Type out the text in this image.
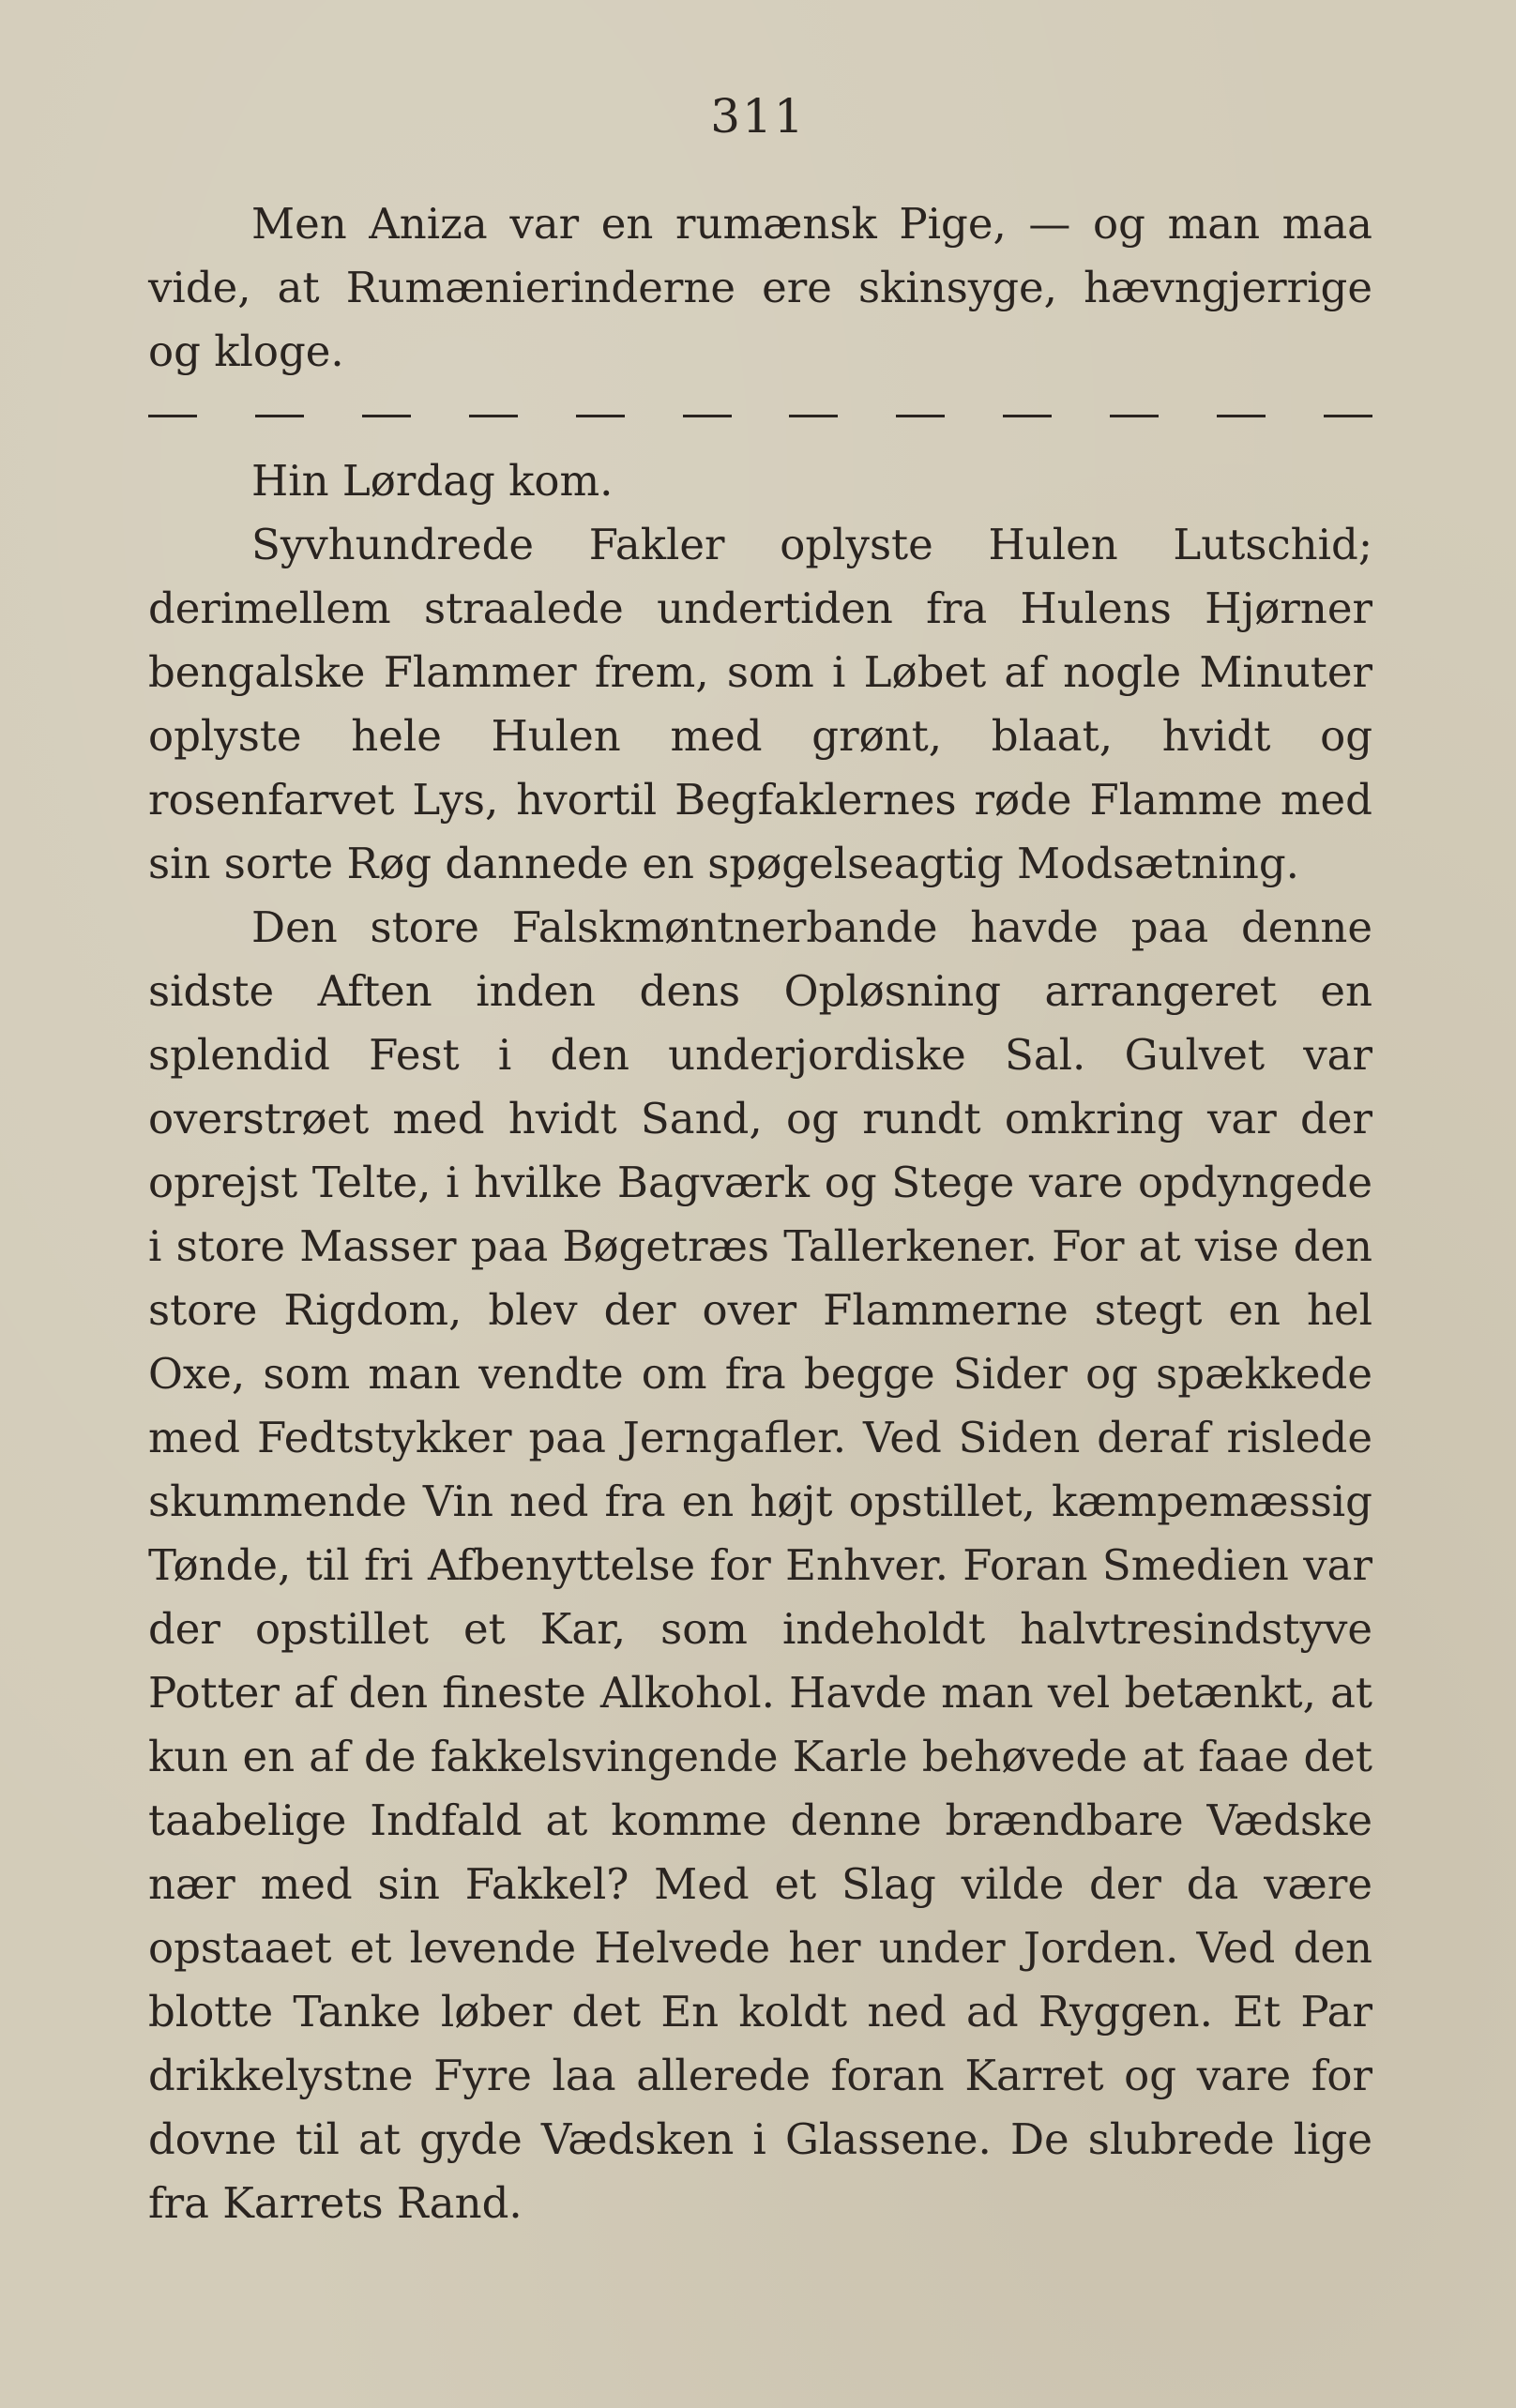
311

Men Aniza var en rumænsk Pige, — og man maa vide, at Rumænierinderne ere skinsyge, hævngjerrige og kloge.

Hin Lørdag kom.

Syvhundrede Fakler oplyste Hulen Lutschid; derimellem straalede undertiden fra Hulens Hjørner bengalske Flammer frem, som i Løbet af nogle Minuter oplyste hele Hulen med grønt, blaat, hvidt og rosenfarvet Lys, hvortil Begfaklernes røde Flamme med sin sorte Røg dannede en spøgelseagtig Modsætning.

Den store Falskmøntnerbande havde paa denne sidste Aften inden dens Opløsning arrangeret en splendid Fest i den underjordiske Sal. Gulvet var overstrøet med hvidt Sand, og rundt omkring var der oprejst Telte, i hvilke Bagværk og Stege vare opdyngede i store Masser paa Bøgetræs Tallerkener. For at vise den store Rigdom, blev der over Flammerne stegt en hel Oxe, som man vendte om fra begge Sider og spækkede med Fedtstykker paa Jerngafler. Ved Siden deraf rislede skummende Vin ned fra en højt opstillet, kæmpemæssig Tønde, til fri Afbenyttelse for Enhver. Foran Smedien var der opstillet et Kar, som indeholdt halvtresindstyve Potter af den fineste Alkohol. Havde man vel betænkt, at kun en af de fakkelsvingende Karle behøvede at faae det taabelige Indfald at komme denne brændbare Vædske nær med sin Fakkel? Med et Slag vilde der da være opstaaet et levende Helvede her under Jorden. Ved den blotte Tanke løber det En koldt ned ad Ryggen. Et Par drikkelystne Fyre laa allerede foran Karret og vare for dovne til at gyde Vædsken i Glassene. De slubrede lige fra Karrets Rand.
